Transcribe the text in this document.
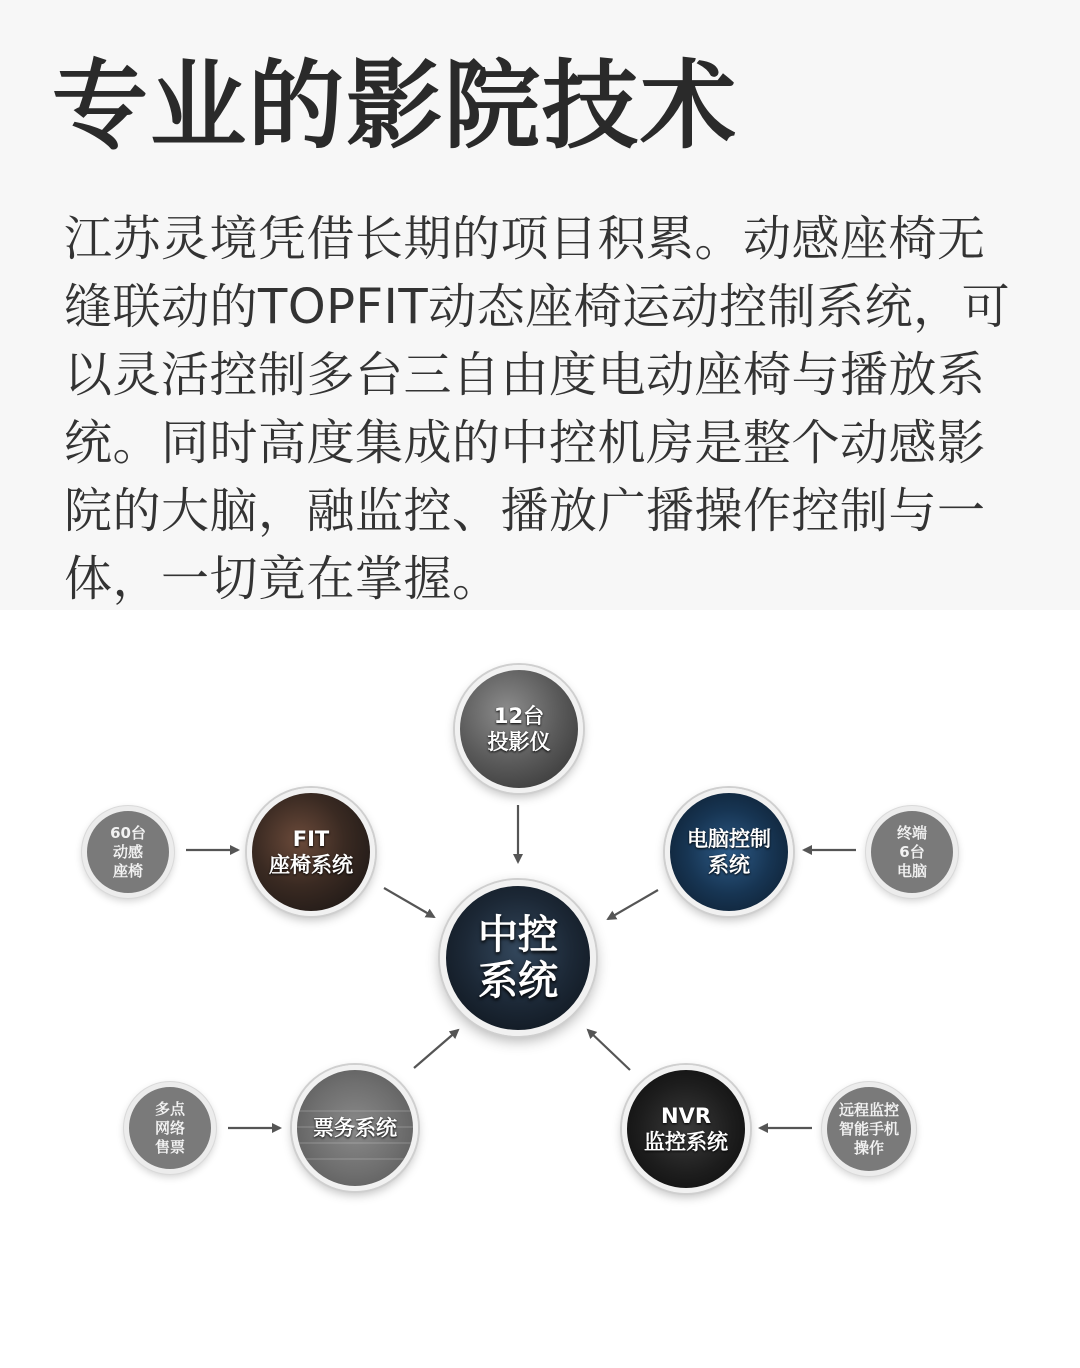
专业的影院技术

江苏灵境凭借长期的项目积累。动感座椅无缝联动的TOPFIT动态座椅运动控制系统，可以灵活控制多台三自由度电动座椅与播放系统。同时高度集成的中控机房是整个动感影院的大脑，融监控、播放广播操作控制与一体，一切竟在掌握。

中控
系统
12台
投影仪
FIT
座椅系统
60台
动感
座椅
电脑控制
系统
终端
6台
电脑
票务系统
多点
网络
售票
NVR
监控系统
远程监控
智能手机
操作
